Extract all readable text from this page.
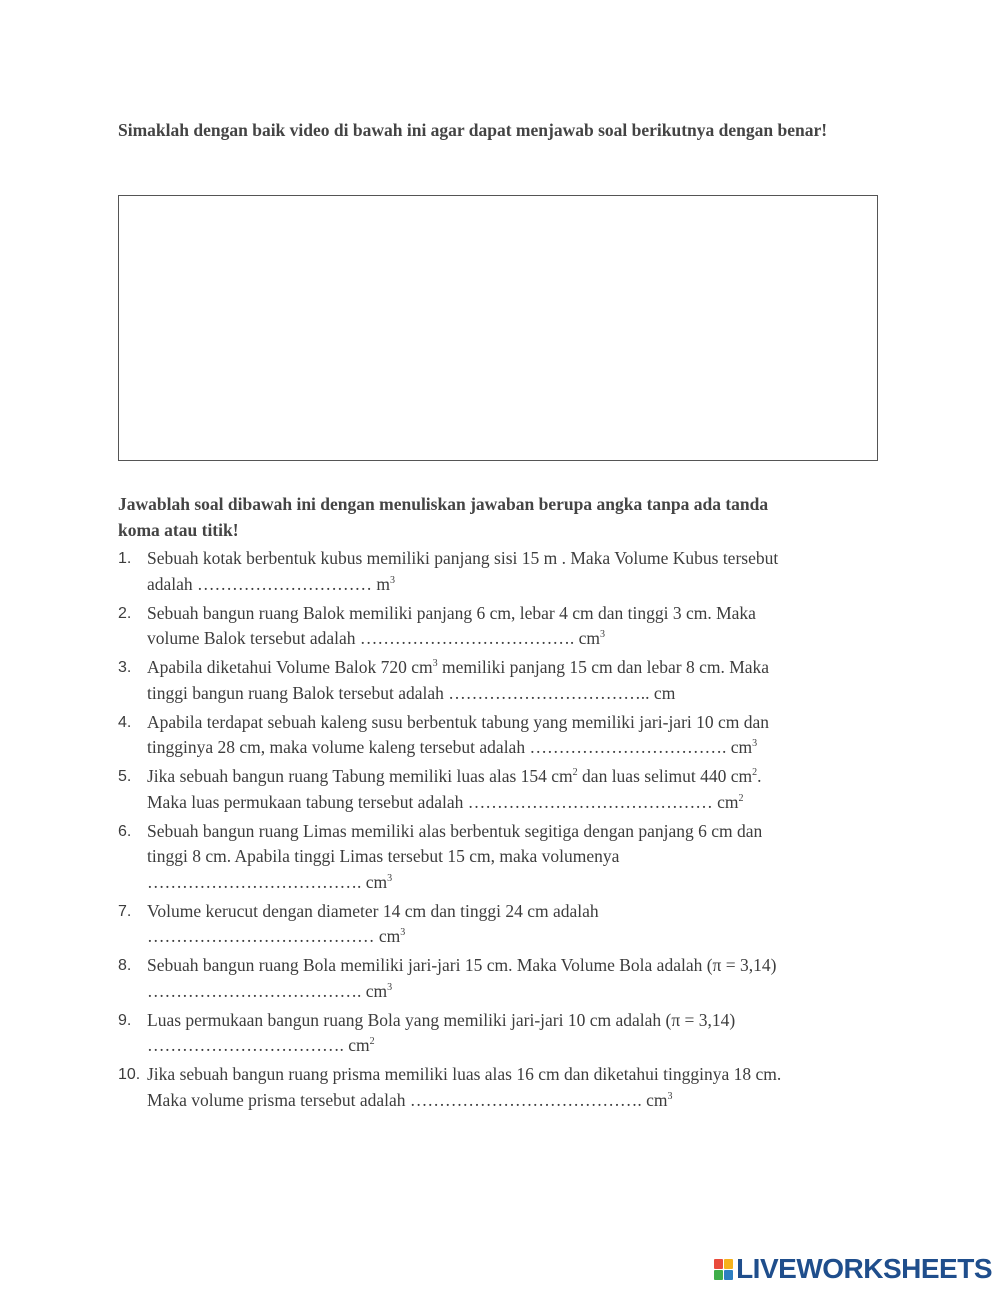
Simaklah dengan baik video di bawah ini agar dapat menjawab soal berikutnya dengan benar!
Jawablah soal dibawah ini dengan menuliskan jawaban berupa angka tanpa ada tanda
koma atau titik!
1. Sebuah kotak berbentuk kubus memiliki panjang sisi 15 m . Maka Volume Kubus tersebut
adalah ………………………… $m^3$
2. Sebuah bangun ruang Balok memiliki panjang 6 cm, lebar 4 cm dan tinggi 3 cm. Maka
volume Balok tersebut adalah ………………………………. $cm^3$
3. Apabila diketahui Volume Balok 720 $cm^3$ memiliki panjang 15 cm dan lebar 8 cm. Maka
tinggi bangun ruang Balok tersebut adalah …………………………….. cm
4. Apabila terdapat sebuah kaleng susu berbentuk tabung yang memiliki jari-jari 10 cm dan
tingginya 28 cm, maka volume kaleng tersebut adalah ……………………………. $cm^3$
5. Jika sebuah bangun ruang Tabung memiliki luas alas 154 $cm^2$ dan luas selimut 440 $cm^2$.
Maka luas permukaan tabung tersebut adalah …………………………………… $cm^2$
6. Sebuah bangun ruang Limas memiliki alas berbentuk segitiga dengan panjang 6 cm dan
tinggi 8 cm. Apabila tinggi Limas tersebut 15 cm, maka volumenya
………………………………. $cm^3$
7. Volume kerucut dengan diameter 14 cm dan tinggi 24 cm adalah
………………………………… $cm^3$
8. Sebuah bangun ruang Bola memiliki jari-jari 15 cm. Maka Volume Bola adalah (π = 3,14)
………………………………. $cm^3$
9. Luas permukaan bangun ruang Bola yang memiliki jari-jari 10 cm adalah (π = 3,14)
……………………………. $cm^2$
10. Jika sebuah bangun ruang prisma memiliki luas alas 16 cm dan diketahui tingginya 18 cm.
Maka volume prisma tersebut adalah …………………………………. $cm^3$
LIVEWORKSHEETS
